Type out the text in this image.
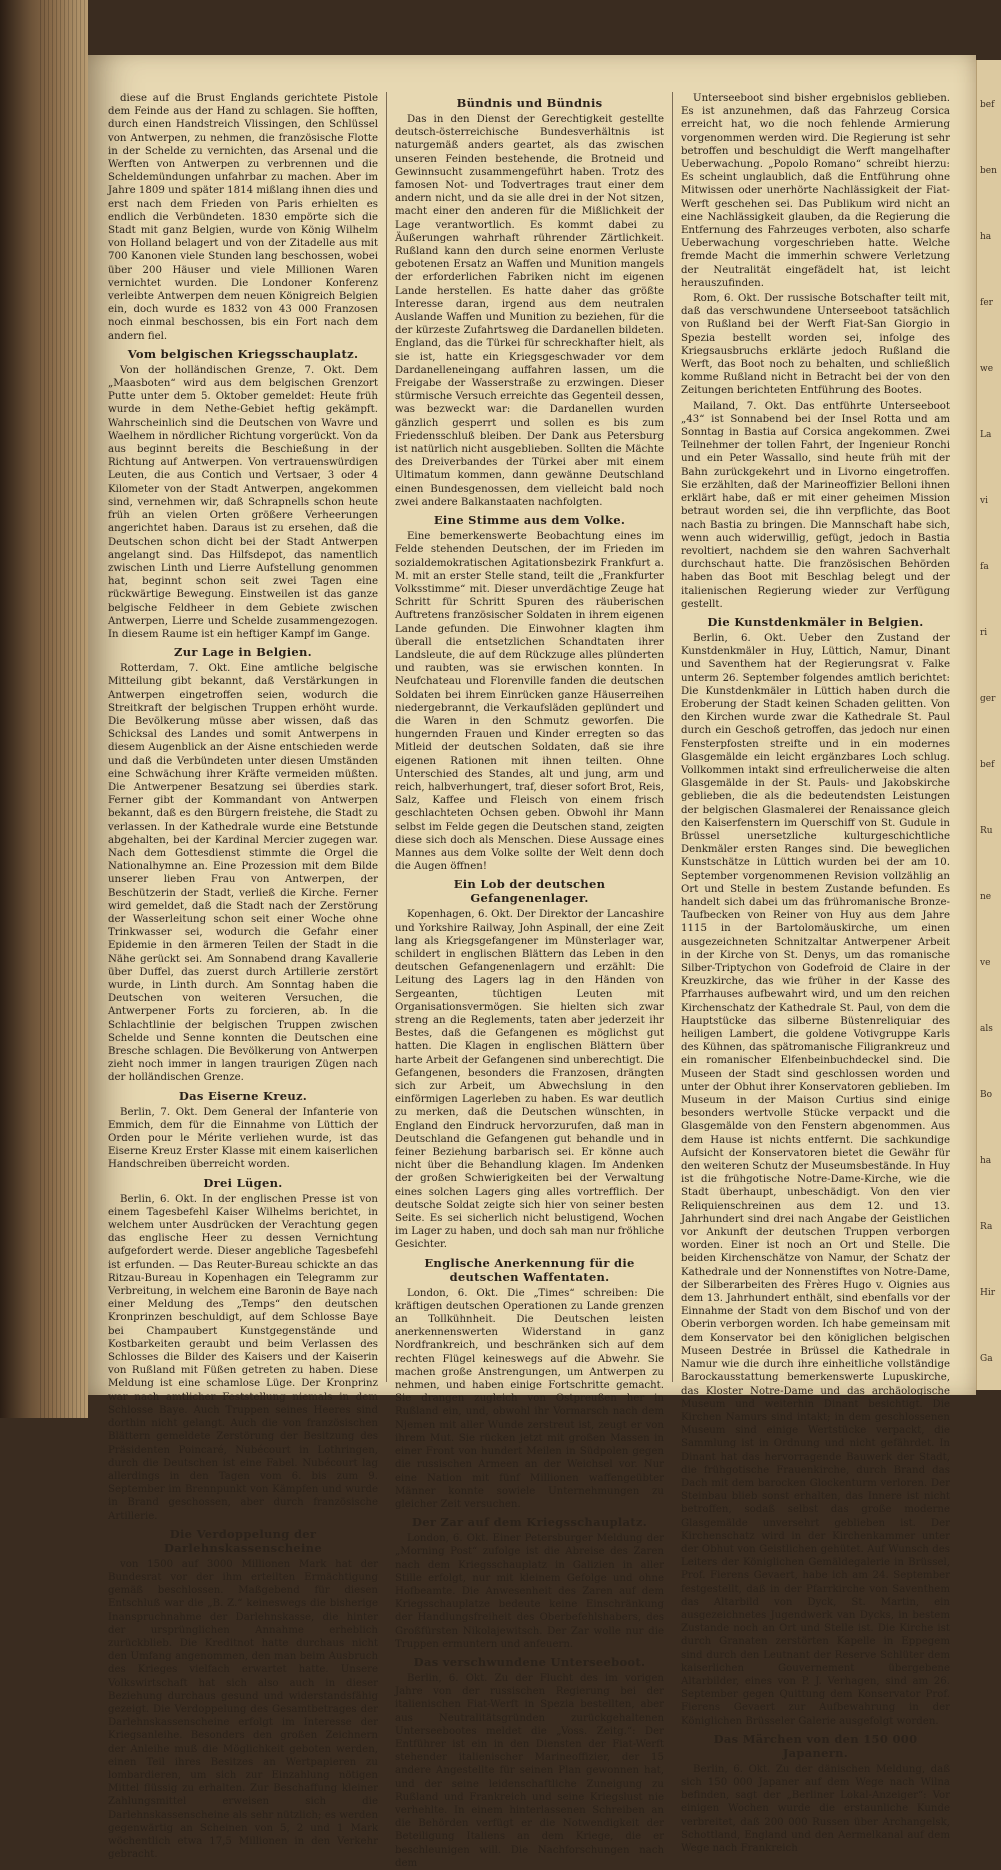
diese auf die Brust Englands gerichtete Pistole dem Feinde aus der Hand zu schlagen. Sie hofften, durch einen Handstreich Vlissingen, den Schlüssel von Antwerpen, zu nehmen, die französische Flotte in der Schelde zu vernichten, das Arsenal und die Werften von Antwerpen zu verbrennen und die Scheldemündungen unfahrbar zu machen. Aber im Jahre 1809 und später 1814 mißlang ihnen dies und erst nach dem Frieden von Paris erhielten es endlich die Verbündeten. 1830 empörte sich die Stadt mit ganz Belgien, wurde von König Wilhelm von Holland belagert und von der Zitadelle aus mit 700 Kanonen viele Stunden lang beschossen, wobei über 200 Häuser und viele Millionen Waren vernichtet wurden. Die Londoner Konferenz verleibte Antwerpen dem neuen Königreich Belgien ein, doch wurde es 1832 von 43 000 Franzosen noch einmal beschossen, bis ein Fort nach dem andern fiel.

Vom belgischen Kriegsschauplatz.

Von der holländischen Grenze, 7. Okt. Dem „Maasboten“ wird aus dem belgischen Grenzort Putte unter dem 5. Oktober gemeldet: Heute früh wurde in dem Nethe-Gebiet heftig gekämpft. Wahrscheinlich sind die Deutschen von Wavre und Waelhem in nördlicher Richtung vorgerückt. Von da aus beginnt bereits die Beschießung in der Richtung auf Antwerpen. Von vertrauenswürdigen Leuten, die aus Contich und Vertsaer, 3 oder 4 Kilometer von der Stadt Antwerpen, angekommen sind, vernehmen wir, daß Schrapnells schon heute früh an vielen Orten größere Verheerungen angerichtet haben. Daraus ist zu ersehen, daß die Deutschen schon dicht bei der Stadt Antwerpen angelangt sind. Das Hilfsdepot, das namentlich zwischen Linth und Lierre Aufstellung genommen hat, beginnt schon seit zwei Tagen eine rückwärtige Bewegung. Einstweilen ist das ganze belgische Feldheer in dem Gebiete zwischen Antwerpen, Lierre und Schelde zusammengezogen. In diesem Raume ist ein heftiger Kampf im Gange.

Zur Lage in Belgien.

Rotterdam, 7. Okt. Eine amtliche belgische Mitteilung gibt bekannt, daß Verstärkungen in Antwerpen eingetroffen seien, wodurch die Streitkraft der belgischen Truppen erhöht wurde. Die Bevölkerung müsse aber wissen, daß das Schicksal des Landes und somit Antwerpens in diesem Augenblick an der Aisne entschieden werde und daß die Verbündeten unter diesen Umständen eine Schwächung ihrer Kräfte vermeiden müßten. Die Antwerpener Besatzung sei überdies stark. Ferner gibt der Kommandant von Antwerpen bekannt, daß es den Bürgern freistehe, die Stadt zu verlassen. In der Kathedrale wurde eine Betstunde abgehalten, bei der Kardinal Mercier zugegen war. Nach dem Gottesdienst stimmte die Orgel die Nationalhymne an. Eine Prozession mit dem Bilde unserer lieben Frau von Antwerpen, der Beschützerin der Stadt, verließ die Kirche. Ferner wird gemeldet, daß die Stadt nach der Zerstörung der Wasserleitung schon seit einer Woche ohne Trinkwasser sei, wodurch die Gefahr einer Epidemie in den ärmeren Teilen der Stadt in die Nähe gerückt sei. Am Sonnabend drang Kavallerie über Duffel, das zuerst durch Artillerie zerstört wurde, in Linth durch. Am Sonntag haben die Deutschen von weiteren Versuchen, die Antwerpener Forts zu forcieren, ab. In die Schlachtlinie der belgischen Truppen zwischen Schelde und Senne konnten die Deutschen eine Bresche schlagen. Die Bevölkerung von Antwerpen zieht noch immer in langen traurigen Zügen nach der holländischen Grenze.

Das Eiserne Kreuz.

Berlin, 7. Okt. Dem General der Infanterie von Emmich, dem für die Einnahme von Lüttich der Orden pour le Mérite verliehen wurde, ist das Eiserne Kreuz Erster Klasse mit einem kaiserlichen Handschreiben überreicht worden.

Drei Lügen.

Berlin, 6. Okt. In der englischen Presse ist von einem Tagesbefehl Kaiser Wilhelms berichtet, in welchem unter Ausdrücken der Verachtung gegen das englische Heer zu dessen Vernichtung aufgefordert werde. Dieser angebliche Tagesbefehl ist erfunden. — Das Reuter-Bureau schickte an das Ritzau-Bureau in Kopenhagen ein Telegramm zur Verbreitung, in welchem eine Baronin de Baye nach einer Meldung des „Temps“ den deutschen Kronprinzen beschuldigt, auf dem Schlosse Baye bei Champaubert Kunstgegenstände und Kostbarkeiten geraubt und beim Verlassen des Schlosses die Bilder des Kaisers und der Kaiserin von Rußland mit Füßen getreten zu haben. Diese Meldung ist eine schamlose Lüge. Der Kronprinz war nach amtlicher Feststellung niemals in dem Schlosse Baye. Auch Truppen seines Heeres sind dorthin nicht gelangt. Auch die von französischen Blättern gemeldete Zerstörung der Besitzung des Präsidenten Poincaré, Nubécourt in Lothringen, durch die Deutschen ist eine Fabel. Nubécourt lag allerdings in den Tagen vom 6. bis zum 9. September im Brennpunkt von Kämpfen und wurde in Brand geschossen, aber durch französische Artillerie.

Die Verdoppelung der Darlehnskassenscheine

von 1500 auf 3000 Millionen Mark hat der Bundesrat vor der ihm erteilten Ermächtigung gemäß beschlossen. Maßgebend für diesen Entschluß war die „B. Z.“ keineswegs die bisherige Inanspruchnahme der Darlehnskasse, die hinter der ursprünglichen Annahme erheblich zurückblieb. Die Kreditnot hatte durchaus nicht den Umfang angenommen, den man beim Ausbruch des Krieges vielfach erwartet hatte. Unsere Volkswirtschaft hat sich also auch in dieser Beziehung durchaus gesund und widerstandsfähig gezeigt. Die Verdoppelung des Gesamtbetrages der Darlehnskassenscheine erfolgt im Interesse der Kriegsanleihe. Besonders den großen Zeichnern der Anleihe muß die Möglichkeit geboten werden, einen Teil ihres Besitzes an Wertpapieren zu lombardieren, um sich zur Einzahlung nötigen Mittel flüssig zu erhalten. Zur Beschaffung kleiner Zahlungsmittel erweisen sich die Darlehnskassenscheine als sehr nützlich; es werden gegenwärtig an Scheinen von 5, 2 und 1 Mark wöchentlich etwa 17,5 Millionen in den Verkehr gebracht.

Bündnis und Bündnis

Das in den Dienst der Gerechtigkeit gestellte deutsch-österreichische Bundesverhältnis ist naturgemäß anders geartet, als das zwischen unseren Feinden bestehende, die Brotneid und Gewinnsucht zusammengeführt haben. Trotz des famosen Not- und Todvertrages traut einer dem andern nicht, und da sie alle drei in der Not sitzen, macht einer den anderen für die Mißlichkeit der Lage verantwortlich. Es kommt dabei zu Äußerungen wahrhaft rührender Zärtlichkeit. Rußland kann den durch seine enormen Verluste gebotenen Ersatz an Waffen und Munition mangels der erforderlichen Fabriken nicht im eigenen Lande herstellen. Es hatte daher das größte Interesse daran, irgend aus dem neutralen Auslande Waffen und Munition zu beziehen, für die der kürzeste Zufahrtsweg die Dardanellen bildeten. England, das die Türkei für schreckhafter hielt, als sie ist, hatte ein Kriegsgeschwader vor dem Dardanelleneingang auffahren lassen, um die Freigabe der Wasserstraße zu erzwingen. Dieser stürmische Versuch erreichte das Gegenteil dessen, was bezweckt war: die Dardanellen wurden gänzlich gesperrt und sollen es bis zum Friedensschluß bleiben. Der Dank aus Petersburg ist natürlich nicht ausgeblieben. Sollten die Mächte des Dreiverbandes der Türkei aber mit einem Ultimatum kommen, dann gewänne Deutschland einen Bundesgenossen, dem vielleicht bald noch zwei andere Balkanstaaten nachfolgten.

Eine Stimme aus dem Volke.

Eine bemerkenswerte Beobachtung eines im Felde stehenden Deutschen, der im Frieden im sozialdemokratischen Agitationsbezirk Frankfurt a. M. mit an erster Stelle stand, teilt die „Frankfurter Volksstimme“ mit. Dieser unverdächtige Zeuge hat Schritt für Schritt Spuren des räuberischen Auftretens französischer Soldaten in ihrem eigenen Lande gefunden. Die Einwohner klagten ihm überall die entsetzlichen Schandtaten ihrer Landsleute, die auf dem Rückzuge alles plünderten und raubten, was sie erwischen konnten. In Neufchateau und Florenville fanden die deutschen Soldaten bei ihrem Einrücken ganze Häuserreihen niedergebrannt, die Verkaufsläden geplündert und die Waren in den Schmutz geworfen. Die hungernden Frauen und Kinder erregten so das Mitleid der deutschen Soldaten, daß sie ihre eigenen Rationen mit ihnen teilten. Ohne Unterschied des Standes, alt und jung, arm und reich, halbverhungert, traf, dieser sofort Brot, Reis, Salz, Kaffee und Fleisch von einem frisch geschlachteten Ochsen geben. Obwohl ihr Mann selbst im Felde gegen die Deutschen stand, zeigten diese sich doch als Menschen. Diese Aussage eines Mannes aus dem Volke sollte der Welt denn doch die Augen öffnen!

Ein Lob der deutschen Gefangenenlager.

Kopenhagen, 6. Okt. Der Direktor der Lancashire und Yorkshire Railway, John Aspinall, der eine Zeit lang als Kriegsgefangener im Münsterlager war, schildert in englischen Blättern das Leben in den deutschen Gefangenenlagern und erzählt: Die Leitung des Lagers lag in den Händen von Sergeanten, tüchtigen Leuten mit Organisationsvermögen. Sie hielten sich zwar streng an die Reglements, taten aber jederzeit ihr Bestes, daß die Gefangenen es möglichst gut hatten. Die Klagen in englischen Blättern über harte Arbeit der Gefangenen sind unberechtigt. Die Gefangenen, besonders die Franzosen, drängten sich zur Arbeit, um Abwechslung in den einförmigen Lagerleben zu haben. Es war deutlich zu merken, daß die Deutschen wünschten, in England den Eindruck hervorzurufen, daß man in Deutschland die Gefangenen gut behandle und in feiner Beziehung barbarisch sei. Er könne auch nicht über die Behandlung klagen. Im Andenken der großen Schwierigkeiten bei der Verwaltung eines solchen Lagers ging alles vortrefflich. Der deutsche Soldat zeigte sich hier von seiner besten Seite. Es sei sicherlich nicht belustigend, Wochen im Lager zu haben, und doch sah man nur fröhliche Gesichter.

Englische Anerkennung für die deutschen Waffentaten.

London, 6. Okt. Die „Times“ schreiben: Die kräftigen deutschen Operationen zu Lande grenzen an Tollkühnheit. Die Deutschen leisten anerkennenswerten Widerstand in ganz Nordfrankreich, und beschränken sich auf dem rechten Flügel keineswegs auf die Abwehr. Sie machen große Anstrengungen, um Antwerpen zu nehmen, und haben einige Fortschritte gemacht. Sie drangen zugleich von Ostpreußen her in Rußland ein, und, obwohl ihr Vormarsch nach dem Njemen mit aller Wunde zerstreut ist, zeugt er von ihrem Mut. Sie rücken jetzt mit großen Massen in einer Front von hundert Meilen in Südpolen gegen die russischen Armeen an der Weichsel vor. Nur eine Nation mit fünf Millionen waffengeübter Männer konnte sowiele Unternehmungen zu gleicher Zeit versuchen.

Der Zar auf dem Kriegsschauplatz.

London, 6. Okt. Einer Petersburger Meldung der „Morning Post“ zufolge ist die Abreise des Zaren nach dem Kriegsschauplatz in Galizien in aller Stille erfolgt, nur mit kleinem Gefolge und ohne Hofbeamte. Die Anwesenheit des Zaren auf dem Kriegsschauplatze bedeute keine Einschränkung der Handlungsfreiheit des Oberbefehlshabers, des Großfürsten Nikolajewitsch. Der Zar wolle nur die Truppen ermuntern und anfeuern.

Das verschwundene Unterseeboot.

Berlin, 6. Okt. Zu der Flucht des im vorigen Jahre von der russischen Regierung bei der italienischen Fiat-Werft in Spezia bestellten, aber aus Neutralitätsgründen zurückgehaltenen Unterseebootes meldet die „Voss. Zeitg.“: Der Entführer ist ein in den Diensten der Fiat-Werft stehender italienischer Marineoffizier, der 15 andere Angestellte für seinen Plan gewonnen hat, und der seine leidenschaftliche Zuneigung zu Rußland und Frankreich und seine Kriegslust nie verhehlte. In einem hinterlassenen Schreiben an die Behörden verfügt er die Notwendigkeit der Beteiligung Italiens an dem Kriege, die er beschleunigen will. Die Nachforschungen nach dem

Unterseeboot sind bisher ergebnislos geblieben. Es ist anzunehmen, daß das Fahrzeug Corsica erreicht hat, wo die noch fehlende Armierung vorgenommen werden wird. Die Regierung ist sehr betroffen und beschuldigt die Werft mangelhafter Ueberwachung. „Popolo Romano“ schreibt hierzu: Es scheint unglaublich, daß die Entführung ohne Mitwissen oder unerhörte Nachlässigkeit der Fiat-Werft geschehen sei. Das Publikum wird nicht an eine Nachlässigkeit glauben, da die Regierung die Entfernung des Fahrzeuges verboten, also scharfe Ueberwachung vorgeschrieben hatte. Welche fremde Macht die immerhin schwere Verletzung der Neutralität eingefädelt hat, ist leicht herauszufinden.

Rom, 6. Okt. Der russische Botschafter teilt mit, daß das verschwundene Unterseeboot tatsächlich von Rußland bei der Werft Fiat-San Giorgio in Spezia bestellt worden sei, infolge des Kriegsausbruchs erklärte jedoch Rußland die Werft, das Boot noch zu behalten, und schließlich komme Rußland nicht in Betracht bei der von den Zeitungen berichteten Entführung des Bootes.

Mailand, 7. Okt. Das entführte Unterseeboot „43“ ist Sonnabend bei der Insel Rotta und am Sonntag in Bastia auf Corsica angekommen. Zwei Teilnehmer der tollen Fahrt, der Ingenieur Ronchi und ein Peter Wassallo, sind heute früh mit der Bahn zurückgekehrt und in Livorno eingetroffen. Sie erzählten, daß der Marineoffizier Belloni ihnen erklärt habe, daß er mit einer geheimen Mission betraut worden sei, die ihn verpflichte, das Boot nach Bastia zu bringen. Die Mannschaft habe sich, wenn auch widerwillig, gefügt, jedoch in Bastia revoltiert, nachdem sie den wahren Sachverhalt durchschaut hatte. Die französischen Behörden haben das Boot mit Beschlag belegt und der italienischen Regierung wieder zur Verfügung gestellt.

Die Kunstdenkmäler in Belgien.

Berlin, 6. Okt. Ueber den Zustand der Kunstdenkmäler in Huy, Lüttich, Namur, Dinant und Saventhem hat der Regierungsrat v. Falke unterm 26. September folgendes amtlich berichtet: Die Kunstdenkmäler in Lüttich haben durch die Eroberung der Stadt keinen Schaden gelitten. Von den Kirchen wurde zwar die Kathedrale St. Paul durch ein Geschoß getroffen, das jedoch nur einen Fensterpfosten streifte und in ein modernes Glasgemälde ein leicht ergänzbares Loch schlug. Vollkommen intakt sind erfreulicherweise die alten Glasgemälde in der St. Pauls- und Jakobskirche geblieben, die als die bedeutendsten Leistungen der belgischen Glasmalerei der Renaissance gleich den Kaiserfenstern im Querschiff von St. Gudule in Brüssel unersetzliche kulturgeschichtliche Denkmäler ersten Ranges sind. Die beweglichen Kunstschätze in Lüttich wurden bei der am 10. September vorgenommenen Revision vollzählig an Ort und Stelle in bestem Zustande befunden. Es handelt sich dabei um das frühromanische Bronze-Taufbecken von Reiner von Huy aus dem Jahre 1115 in der Bartolomäuskirche, um einen ausgezeichneten Schnitzaltar Antwerpener Arbeit in der Kirche von St. Denys, um das romanische Silber-Triptychon von Godefroid de Claire in der Kreuzkirche, das wie früher in der Kasse des Pfarrhauses aufbewahrt wird, und um den reichen Kirchenschatz der Kathedrale St. Paul, von dem die Hauptstücke das silberne Büstenreliquiar des heiligen Lambert, die goldene Votivgruppe Karls des Kühnen, das spätromanische Filigrankreuz und ein romanischer Elfenbeinbuchdeckel sind. Die Museen der Stadt sind geschlossen worden und unter der Obhut ihrer Konservatoren geblieben. Im Museum in der Maison Curtius sind einige besonders wertvolle Stücke verpackt und die Glasgemälde von den Fenstern abgenommen. Aus dem Hause ist nichts entfernt. Die sachkundige Aufsicht der Konservatoren bietet die Gewähr für den weiteren Schutz der Museumsbestände. In Huy ist die frühgotische Notre-Dame-Kirche, wie die Stadt überhaupt, unbeschädigt. Von den vier Reliquienschreinen aus dem 12. und 13. Jahrhundert sind drei nach Angabe der Geistlichen vor Ankunft der deutschen Truppen verborgen worden. Einer ist noch an Ort und Stelle. Die beiden Kirchenschätze von Namur, der Schatz der Kathedrale und der Nonnenstiftes von Notre-Dame, der Silberarbeiten des Frères Hugo v. Oignies aus dem 13. Jahrhundert enthält, sind ebenfalls vor der Einnahme der Stadt von dem Bischof und von der Oberin verborgen worden. Ich habe gemeinsam mit dem Konservator bei den königlichen belgischen Museen Destrée in Brüssel die Kathedrale in Namur wie die durch ihre einheitliche vollständige Barockausstattung bemerkenswerte Lupuskirche, das Kloster Notre-Dame und das archäologische Museum und weiterhin Dinant besichtigt. Die Kirchen Namurs sind intakt; in dem geschlossenen Museum sind einige Wertstücke verpackt, die Sammlung ist in Ordnung und nicht gefährdet. In Dinant hat das hervorragende Bauwerk der Stadt, die frühgotische Frauenkirche, durch Brand das Dach mit dem barocken Glockenturm verloren. Der Steinbau blieb sonst erhalten, das Innere ist nicht betroffen, sodaß selbst das große moderne Glasgemälde unversehrt geblieben ist. Der Kirchenschatz wird in der Kirchenkammer unter der Obhut von Geistlichen gehütet. Auf Wunsch des Leiters der Königlichen Gemäldegalerie in Brüssel, Prof. Fierens Gevaert, habe ich am 24. September festgestellt, daß in der Pfarrkirche von Saventhem das Altarbild von Dyck, St. Martin, ein ausgezeichnetes Jugendwerk van Dycks, in bestem Zustande noch an Ort und Stelle ist. Die Kirche ist durch Granaten zerstörten Kapelle in Eppegem sind durch den Leutnant der Reserve Schlüter dem kaiserlichen Gouvernement übergebene Altarbilder, eines von P. J. Verhagen, sind am 26. September gegen Quittung dem Konservator Prof. Fierens Gevaert zur Aufbewahrung in der Königlichen Brüsseler Galerie ausgefolgt worden.

Das Märchen von den 150 000 Japanern.

Berlin, 6. Okt. Zu der dänischen Meldung, daß sich 150 000 Japaner auf dem Wege nach Wilna befinden, sagt der „Berliner Lokal-Anzeiger“: Vor einigen Wochen wurde die erstaunliche Kunde verbreitet, daß 200 000 Russen über Archangelsk, Schottland, England und den Aermelkanal auf dem Wege nach Frankreich

bef
ben
ha
fer
we
La
vi
fa
ri
ger
bef
Ru
ne
ve
als
Bo
ha
Ra
Hir
Ga
